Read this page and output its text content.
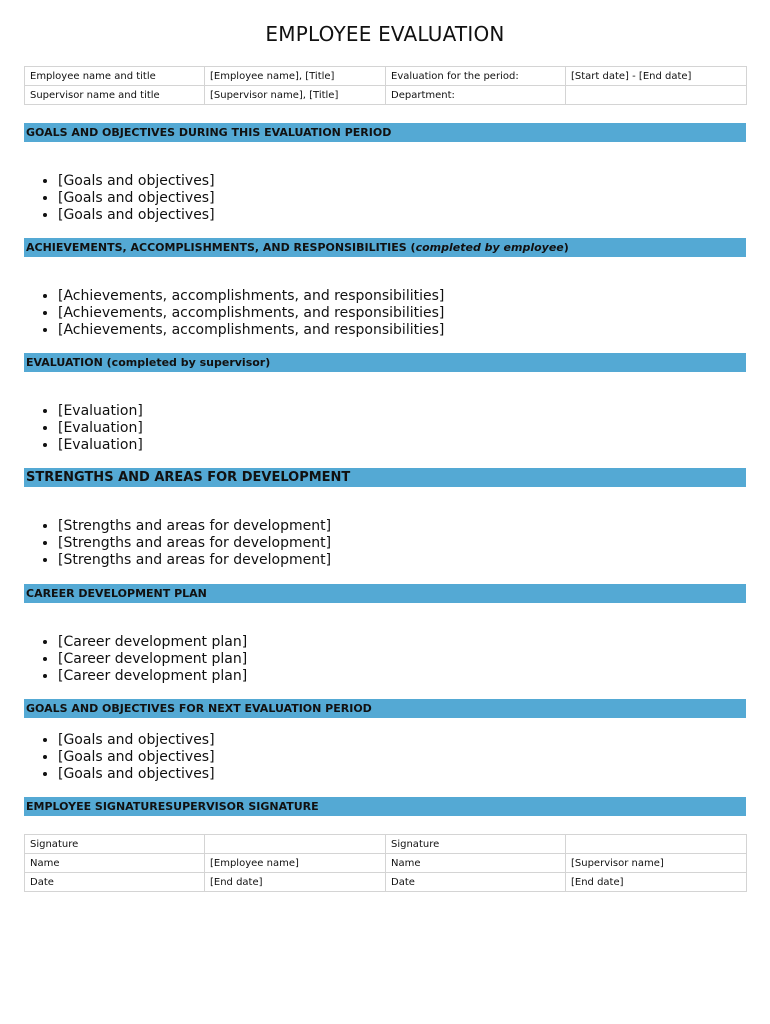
EMPLOYEE EVALUATION
Employee name and title	[Employee name], [Title]	Evaluation for the period:	[Start date] - [End date]
Supervisor name and title	[Supervisor name], [Title]	Department:	
GOALS AND OBJECTIVES DURING THIS EVALUATION PERIOD
• [Goals and objectives]
• [Goals and objectives]
• [Goals and objectives]
ACHIEVEMENTS, ACCOMPLISHMENTS, AND RESPONSIBILITIES (completed by employee)
• [Achievements, accomplishments, and responsibilities]
• [Achievements, accomplishments, and responsibilities]
• [Achievements, accomplishments, and responsibilities]
EVALUATION (completed by supervisor)
• [Evaluation]
• [Evaluation]
• [Evaluation]
STRENGTHS AND AREAS FOR DEVELOPMENT
• [Strengths and areas for development]
• [Strengths and areas for development]
• [Strengths and areas for development]
CAREER DEVELOPMENT PLAN
• [Career development plan]
• [Career development plan]
• [Career development plan]
GOALS AND OBJECTIVES FOR NEXT EVALUATION PERIOD
• [Goals and objectives]
• [Goals and objectives]
• [Goals and objectives]
EMPLOYEE SIGNATURESUPERVISOR SIGNATURE
Signature		Signature	
Name	[Employee name]	Name	[Supervisor name]
Date	[End date]	Date	[End date]
